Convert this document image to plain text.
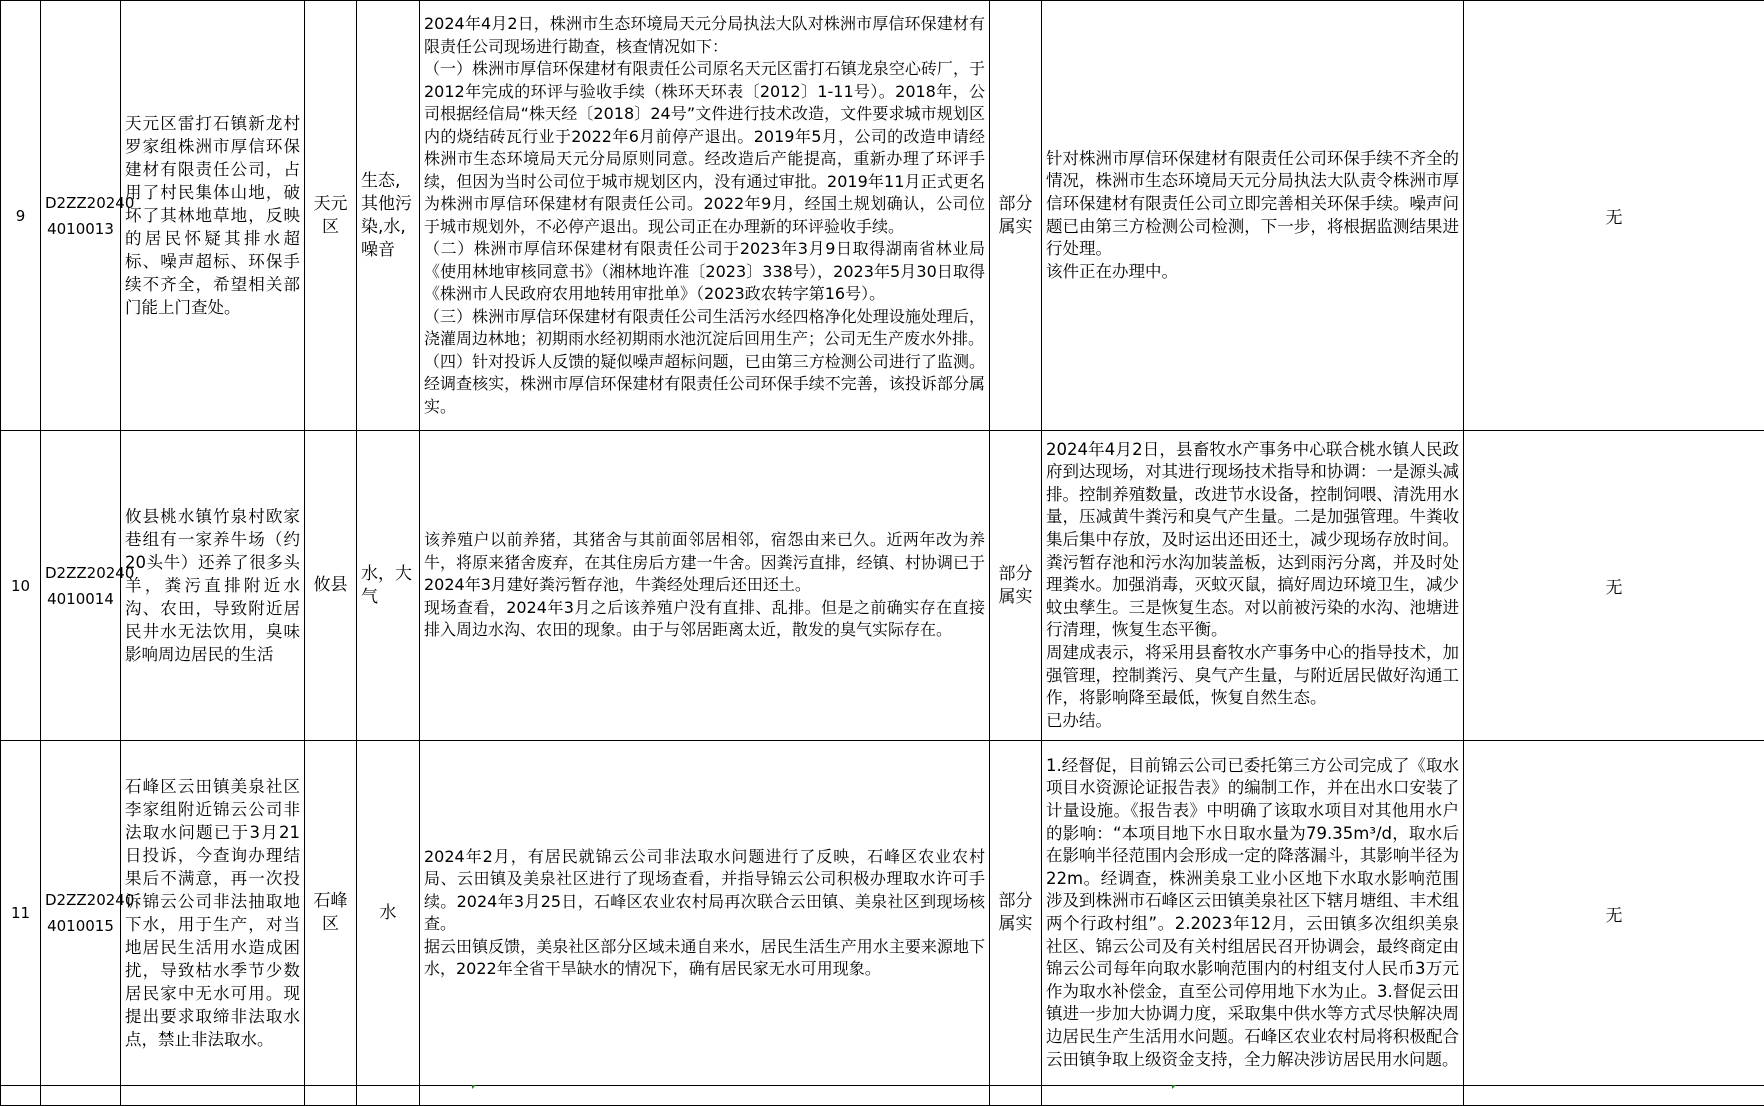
9	D2ZZ20240
4010013	天元区雷打石镇新龙村罗家组株洲市厚信环保建材有限责任公司，占用了村民集体山地，破坏了其林地草地，反映的居民怀疑其排水超标、噪声超标、环保手续不齐全，希望相关部门能上门查处。	天元区	生态,其他污染,水,噪音	2024年4月2日，株洲市生态环境局天元分局执法大队对株洲市厚信环保建材有限责任公司现场进行勘查，核查情况如下：
（一）株洲市厚信环保建材有限责任公司原名天元区雷打石镇龙泉空心砖厂，于2012年完成的环评与验收手续（株环天环表〔2012〕1-11号）。2018年，公司根据经信局“株天经〔2018〕24号”文件进行技术改造，文件要求城市规划区内的烧结砖瓦行业于2022年6月前停产退出。2019年5月，公司的改造申请经株洲市生态环境局天元分局原则同意。经改造后产能提高，重新办理了环评手续，但因为当时公司位于城市规划区内，没有通过审批。2019年11月正式更名为株洲市厚信环保建材有限责任公司。2022年9月，经国土规划确认，公司位于城市规划外，不必停产退出。现公司正在办理新的环评验收手续。
（二）株洲市厚信环保建材有限责任公司于2023年3月9日取得湖南省林业局《使用林地审核同意书》（湘林地许准〔2023〕338号），2023年5月30日取得《株洲市人民政府农用地转用审批单》（2023政农转字第16号）。
（三）株洲市厚信环保建材有限责任公司生活污水经四格净化处理设施处理后，浇灌周边林地；初期雨水经初期雨水池沉淀后回用生产；公司无生产废水外排。
（四）针对投诉人反馈的疑似噪声超标问题，已由第三方检测公司进行了监测。经调查核实，株洲市厚信环保建材有限责任公司环保手续不完善，该投诉部分属实。	部分属实	针对株洲市厚信环保建材有限责任公司环保手续不齐全的情况，株洲市生态环境局天元分局执法大队责令株洲市厚信环保建材有限责任公司立即完善相关环保手续。噪声问题已由第三方检测公司检测，下一步，将根据监测结果进行处理。
该件正在办理中。	无
10	D2ZZ20240
4010014	攸县桃水镇竹泉村欧家巷组有一家养牛场（约20头牛）还养了很多头羊，粪污直排附近水沟、农田，导致附近居民井水无法饮用，臭味影响周边居民的生活	攸县	水，大气	该养殖户以前养猪，其猪舍与其前面邻居相邻，宿怨由来已久。近两年改为养牛，将原来猪舍废弃，在其住房后方建一牛舍。因粪污直排，经镇、村协调已于2024年3月建好粪污暂存池，牛粪经处理后还田还土。
现场查看，2024年3月之后该养殖户没有直排、乱排。但是之前确实存在直接排入周边水沟、农田的现象。由于与邻居距离太近，散发的臭气实际存在。	部分属实	2024年4月2日，县畜牧水产事务中心联合桃水镇人民政府到达现场，对其进行现场技术指导和协调：一是源头减排。控制养殖数量，改进节水设备，控制饲喂、清洗用水量，压减黄牛粪污和臭气产生量。二是加强管理。牛粪收集后集中存放，及时运出还田还土，减少现场存放时间。粪污暂存池和污水沟加装盖板，达到雨污分离，并及时处理粪水。加强消毒，灭蚊灭鼠，搞好周边环境卫生，减少蚊虫孳生。三是恢复生态。对以前被污染的水沟、池塘进行清理，恢复生态平衡。
周建成表示，将采用县畜牧水产事务中心的指导技术，加强管理，控制粪污、臭气产生量，与附近居民做好沟通工作，将影响降至最低，恢复自然生态。
已办结。	无
11	D2ZZ20240
4010015	石峰区云田镇美泉社区李家组附近锦云公司非法取水问题已于3月21日投诉，今查询办理结果后不满意，再一次投诉锦云公司非法抽取地下水，用于生产，对当地居民生活用水造成困扰，导致枯水季节少数居民家中无水可用。现提出要求取缔非法取水点，禁止非法取水。	石峰区	水	2024年2月，有居民就锦云公司非法取水问题进行了反映，石峰区农业农村局、云田镇及美泉社区进行了现场查看，并指导锦云公司积极办理取水许可手续。2024年3月25日，石峰区农业农村局再次联合云田镇、美泉社区到现场核查。
据云田镇反馈，美泉社区部分区域未通自来水，居民生活生产用水主要来源地下水，2022年全省干旱缺水的情况下，确有居民家无水可用现象。	部分属实	1.经督促，目前锦云公司已委托第三方公司完成了《取水项目水资源论证报告表》的编制工作，并在出水口安装了计量设施。《报告表》中明确了该取水项目对其他用水户的影响：“本项目地下水日取水量为79.35m³/d，取水后在影响半径范围内会形成一定的降落漏斗，其影响半径为22m。经调查，株洲美泉工业小区地下水取水影响范围涉及到株洲市石峰区云田镇美泉社区下辖月塘组、丰术组两个行政村组”。2.2023年12月，云田镇多次组织美泉社区、锦云公司及有关村组居民召开协调会，最终商定由锦云公司每年向取水影响范围内的村组支付人民币3万元作为取水补偿金，直至公司停用地下水为止。3.督促云田镇进一步加大协调力度，采取集中供水等方式尽快解决周边居民生产生活用水问题。石峰区农业农村局将积极配合云田镇争取上级资金支持，全力解决涉访居民用水问题。	无
